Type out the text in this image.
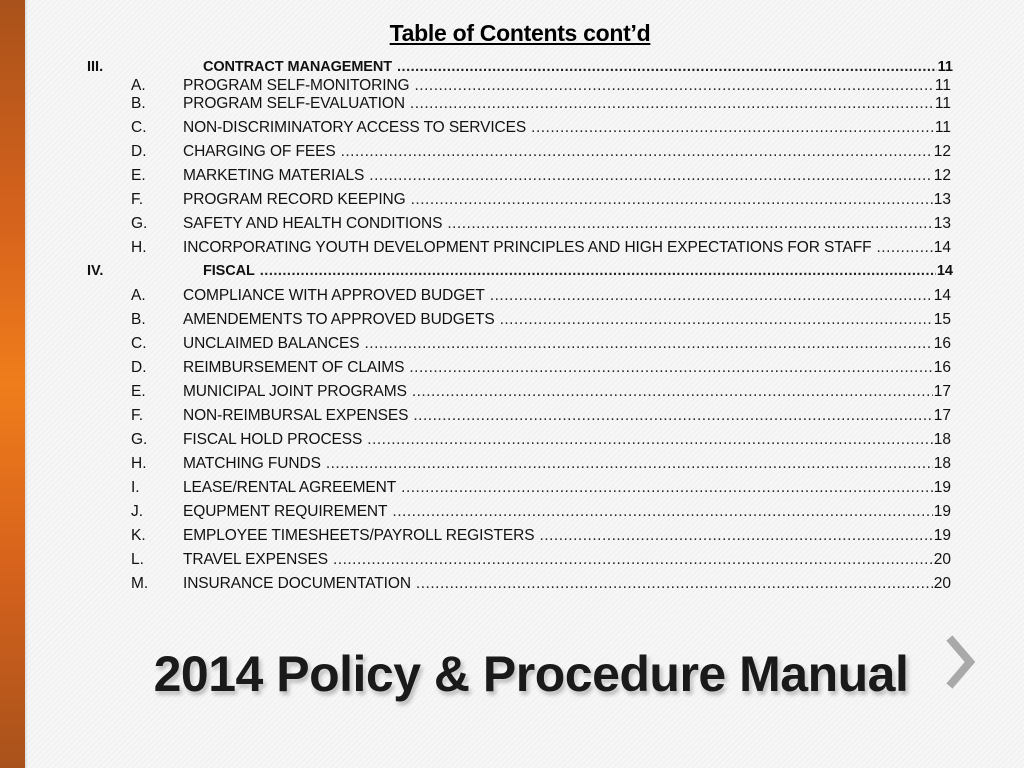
Table of Contents cont’d
III.	CONTRACT MANAGEMENT .....	11
A. PROGRAM SELF-MONITORING .....	11
B. PROGRAM SELF-EVALUATION .....	11
C. NON-DISCRIMINATORY ACCESS TO SERVICES .....	11
D. CHARGING OF FEES .....	12
E. MARKETING MATERIALS .....	12
F.	PROGRAM RECORD KEEPING .....	13
G. SAFETY AND HEALTH CONDITIONS .....	13
H. INCORPORATING YOUTH DEVELOPMENT PRINCIPLES AND HIGH EXPECTATIONS FOR STAFF .....	14
IV.	FISCAL .....	14
A. COMPLIANCE WITH APPROVED BUDGET .....	14
B. AMENDEMENTS TO APPROVED BUDGETS .....	15
C. UNCLAIMED BALANCES .....	16
D. REIMBURSEMENT OF CLAIMS .....	16
E. MUNICIPAL JOINT PROGRAMS .....	17
F.	NON-REIMBURSAL EXPENSES .....	17
G. FISCAL HOLD PROCESS .....	18
H. MATCHING FUNDS .....	18
I.	LEASE/RENTAL AGREEMENT .....	19
J.	EQUPMENT REQUIREMENT .....	19
K. EMPLOYEE TIMESHEETS/PAYROLL REGISTERS .....	19
L.	TRAVEL EXPENSES .....	20
M. INSURANCE DOCUMENTATION .....	20
2014 Policy & Procedure Manual
